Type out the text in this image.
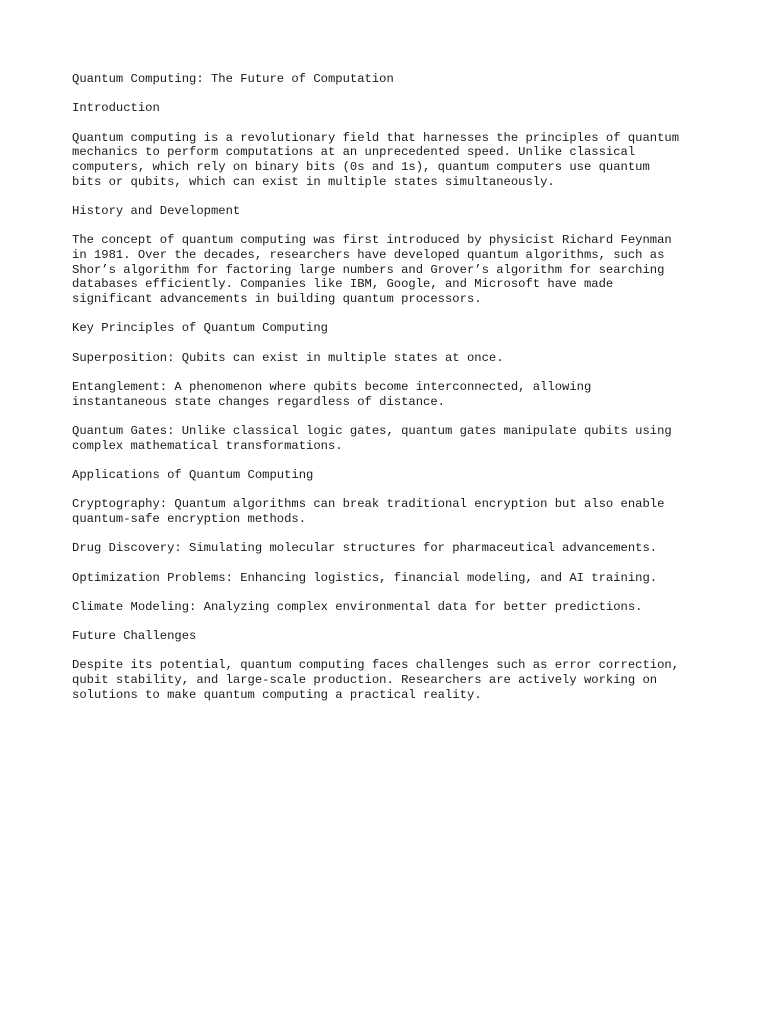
Quantum Computing: The Future of Computation

Introduction

Quantum computing is a revolutionary field that harnesses the principles of quantum
mechanics to perform computations at an unprecedented speed. Unlike classical
computers, which rely on binary bits (0s and 1s), quantum computers use quantum
bits or qubits, which can exist in multiple states simultaneously.

History and Development

The concept of quantum computing was first introduced by physicist Richard Feynman
in 1981. Over the decades, researchers have developed quantum algorithms, such as
Shor’s algorithm for factoring large numbers and Grover’s algorithm for searching
databases efficiently. Companies like IBM, Google, and Microsoft have made
significant advancements in building quantum processors.

Key Principles of Quantum Computing

Superposition: Qubits can exist in multiple states at once.

Entanglement: A phenomenon where qubits become interconnected, allowing
instantaneous state changes regardless of distance.

Quantum Gates: Unlike classical logic gates, quantum gates manipulate qubits using
complex mathematical transformations.

Applications of Quantum Computing

Cryptography: Quantum algorithms can break traditional encryption but also enable
quantum-safe encryption methods.

Drug Discovery: Simulating molecular structures for pharmaceutical advancements.

Optimization Problems: Enhancing logistics, financial modeling, and AI training.

Climate Modeling: Analyzing complex environmental data for better predictions.

Future Challenges

Despite its potential, quantum computing faces challenges such as error correction,
qubit stability, and large-scale production. Researchers are actively working on
solutions to make quantum computing a practical reality.
